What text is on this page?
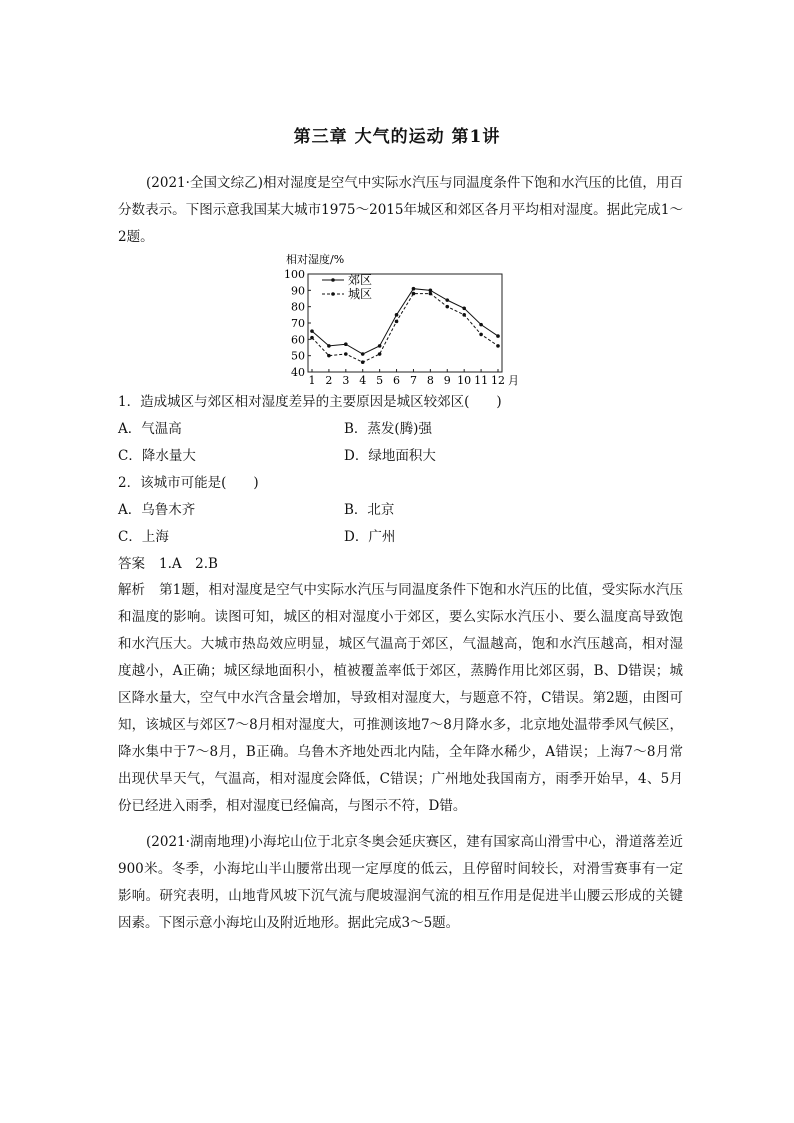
第三章 大气的运动 第1讲

(2021·全国文综乙)相对湿度是空气中实际水汽压与同温度条件下饱和水汽压的比值，用百分数表示。下图示意我国某大城市1975～2015年城区和郊区各月平均相对湿度。据此完成1～2题。

相对湿度/%
40
50
60
70
80
90
100
1 2 3 4 5 6 7 8 9 10 11 12 月
郊区
城区
1．造成城区与郊区相对湿度差异的主要原因是城区较郊区(　　)
A．气温高	B．蒸发(腾)强
C．降水量大	D．绿地面积大
2．该城市可能是(　　)
A．乌鲁木齐	B．北京
C．上海	D．广州
答案 1.A　2.B

解析 第1题，相对湿度是空气中实际水汽压与同温度条件下饱和水汽压的比值，受实际水汽压和温度的影响。读图可知，城区的相对湿度小于郊区，要么实际水汽压小、要么温度高导致饱和水汽压大。大城市热岛效应明显，城区气温高于郊区，气温越高，饱和水汽压越高，相对湿度越小，A正确；城区绿地面积小，植被覆盖率低于郊区，蒸腾作用比郊区弱，B、D错误；城区降水量大，空气中水汽含量会增加，导致相对湿度大，与题意不符，C错误。第2题，由图可知，该城区与郊区7～8月相对湿度大，可推测该地7～8月降水多，北京地处温带季风气候区，降水集中于7～8月，B正确。乌鲁木齐地处西北内陆，全年降水稀少，A错误；上海7～8月常出现伏旱天气，气温高，相对湿度会降低，C错误；广州地处我国南方，雨季开始早，4、5月份已经进入雨季，相对湿度已经偏高，与图示不符，D错。

(2021·湖南地理)小海坨山位于北京冬奥会延庆赛区，建有国家高山滑雪中心，滑道落差近900米。冬季，小海坨山半山腰常出现一定厚度的低云，且停留时间较长，对滑雪赛事有一定影响。研究表明，山地背风坡下沉气流与爬坡湿润气流的相互作用是促进半山腰云形成的关键因素。下图示意小海坨山及附近地形。据此完成3～5题。
